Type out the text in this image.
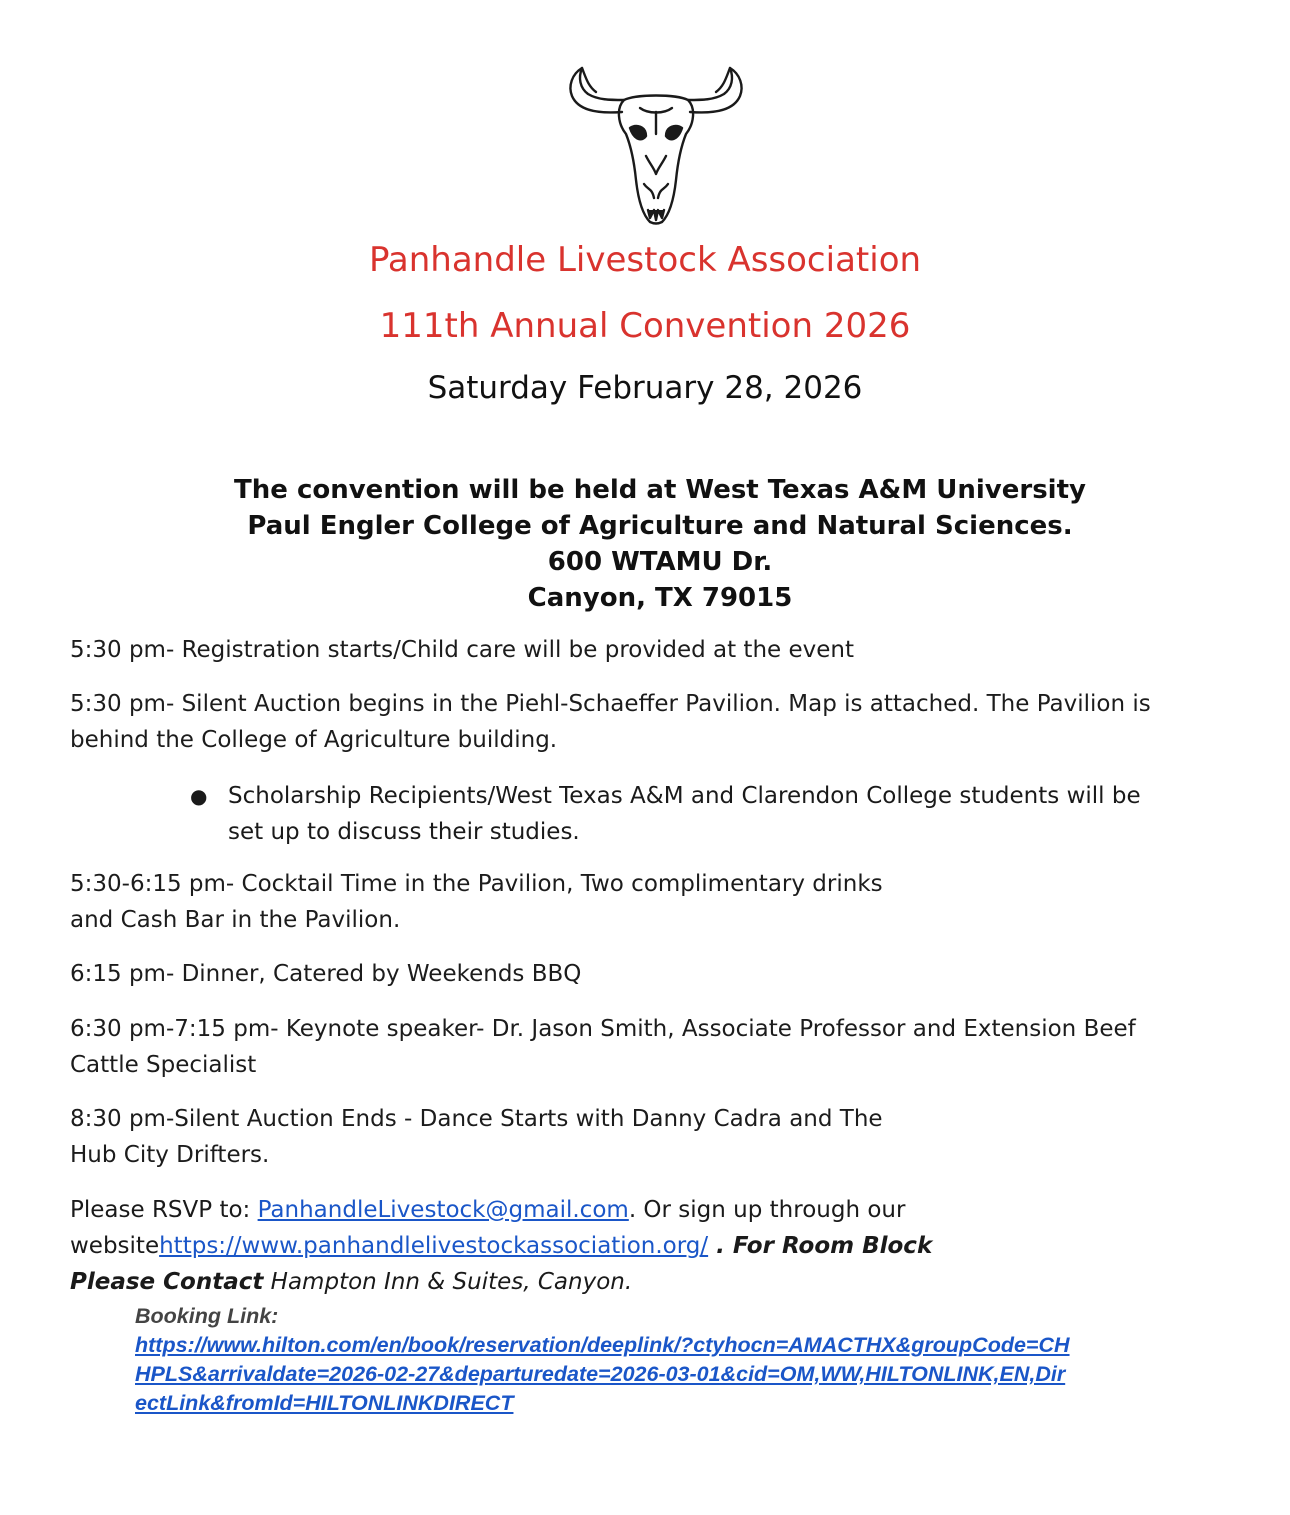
Panhandle Livestock Association
111th Annual Convention 2026
Saturday February 28, 2026
The convention will be held at West Texas A&M University
Paul Engler College of Agriculture and Natural Sciences.
600 WTAMU Dr.
Canyon, TX 79015
5:30 pm- Registration starts/Child care will be provided at the event
5:30 pm- Silent Auction begins in the Piehl-Schaeffer Pavilion. Map is attached. The Pavilion is
behind the College of Agriculture building.
● Scholarship Recipients/West Texas A&M and Clarendon College students will be
set up to discuss their studies.
5:30-6:15 pm- Cocktail Time in the Pavilion, Two complimentary drinks
and Cash Bar in the Pavilion.
6:15 pm- Dinner, Catered by Weekends BBQ
6:30 pm-7:15 pm- Keynote speaker- Dr. Jason Smith, Associate Professor and Extension Beef
Cattle Specialist
8:30 pm-Silent Auction Ends - Dance Starts with Danny Cadra and The
Hub City Drifters.
Please RSVP to: PanhandleLivestock@gmail.com. Or sign up through our
websitehttps://www.panhandlelivestockassociation.org/ . For Room Block
Please Contact Hampton Inn & Suites, Canyon.
Booking Link:
https://www.hilton.com/en/book/reservation/deeplink/?ctyhocn=AMACTHX&groupCode=CH
HPLS&arrivaldate=2026-02-27&departuredate=2026-03-01&cid=OM,WW,HILTONLINK,EN,Dir
ectLink&fromId=HILTONLINKDIRECT
